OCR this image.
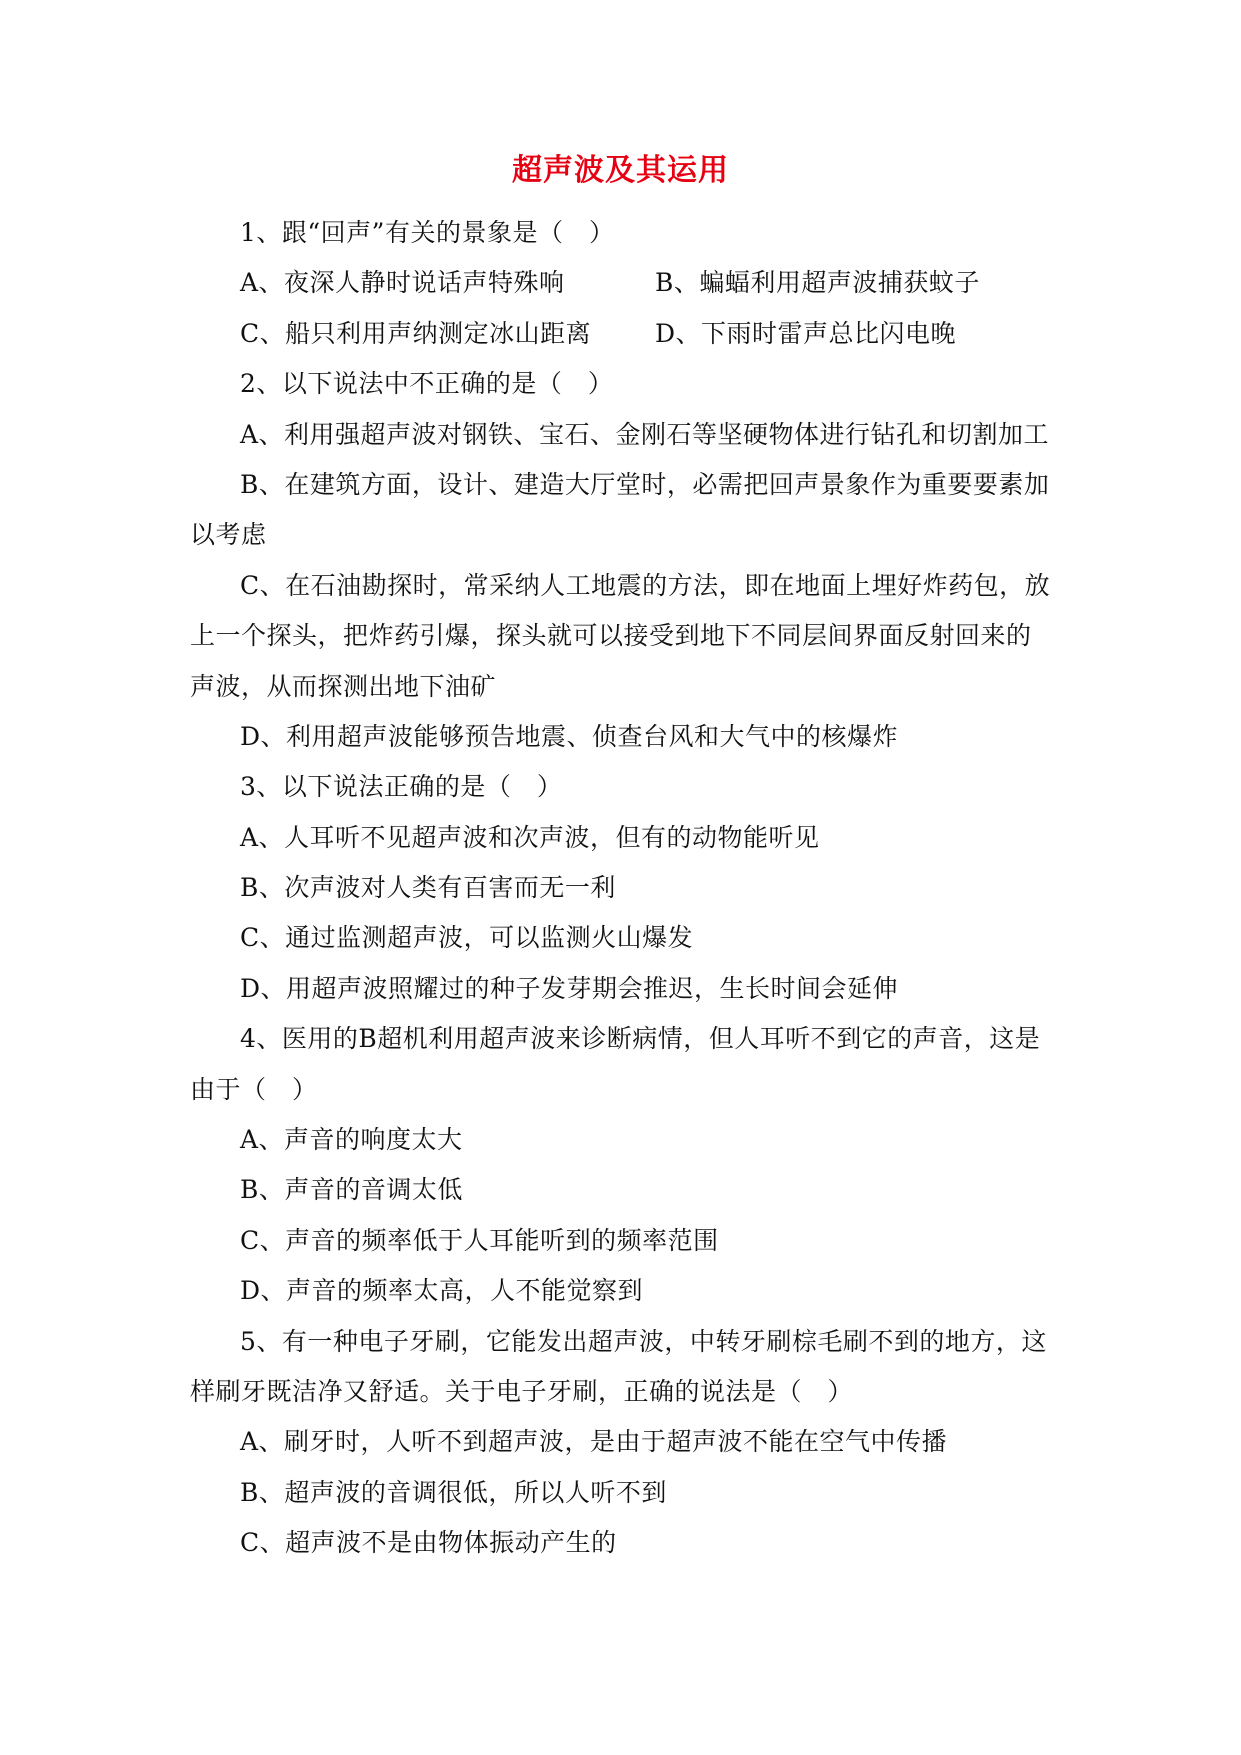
超声波及其运用
1、跟“回声”有关的景象是（　）
A、夜深人静时说话声特殊响	B、蝙蝠利用超声波捕获蚊子
C、船只利用声纳测定冰山距离	D、下雨时雷声总比闪电晚
2、以下说法中不正确的是（　）
A、利用强超声波对钢铁、宝石、金刚石等坚硬物体进行钻孔和切割加工
B、在建筑方面，设计、建造大厅堂时，必需把回声景象作为重要要素加
以考虑
C、在石油勘探时，常采纳人工地震的方法，即在地面上埋好炸药包，放
上一个探头，把炸药引爆，探头就可以接受到地下不同层间界面反射回来的
声波，从而探测出地下油矿
D、利用超声波能够预告地震、侦查台风和大气中的核爆炸
3、以下说法正确的是（　）
A、人耳听不见超声波和次声波，但有的动物能听见
B、次声波对人类有百害而无一利
C、通过监测超声波，可以监测火山爆发
D、用超声波照耀过的种子发芽期会推迟，生长时间会延伸
4、医用的B超机利用超声波来诊断病情，但人耳听不到它的声音，这是
由于（　）
A、声音的响度太大
B、声音的音调太低
C、声音的频率低于人耳能听到的频率范围
D、声音的频率太高，人不能觉察到
5、有一种电子牙刷，它能发出超声波，中转牙刷棕毛刷不到的地方，这
样刷牙既洁净又舒适。关于电子牙刷，正确的说法是（　）
A、刷牙时，人听不到超声波，是由于超声波不能在空气中传播
B、超声波的音调很低，所以人听不到
C、超声波不是由物体振动产生的
